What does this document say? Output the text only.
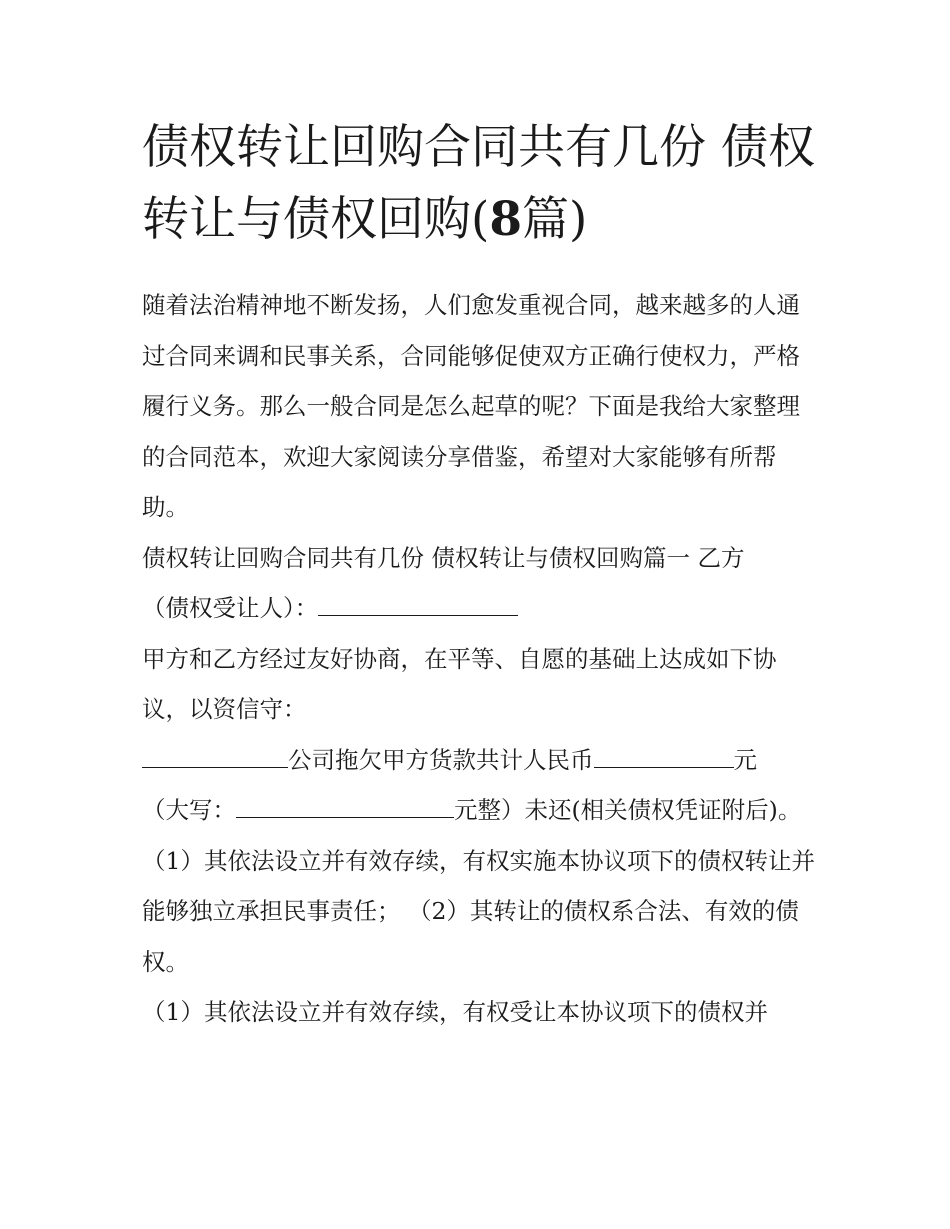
债权转让回购合同共有几份 债权转让与债权回购(8篇)

随着法治精神地不断发扬，人们愈发重视合同，越来越多的人通过合同来调和民事关系，合同能够促使双方正确行使权力，严格履行义务。那么一般合同是怎么起草的呢？下面是我给大家整理的合同范本，欢迎大家阅读分享借鉴，希望对大家能够有所帮助。

债权转让回购合同共有几份 债权转让与债权回购篇一 乙方
（债权受让人）：

甲方和乙方经过友好协商，在平等、自愿的基础上达成如下协议，以资信守：

公司拖欠甲方货款共计人民币	元
（大写：	元整）未还(相关债权凭证附后)。

（1）其依法设立并有效存续，有权实施本协议项下的债权转让并能够独立承担民事责任； （2）其转让的债权系合法、有效的债权。

（1）其依法设立并有效存续，有权受让本协议项下的债权并
